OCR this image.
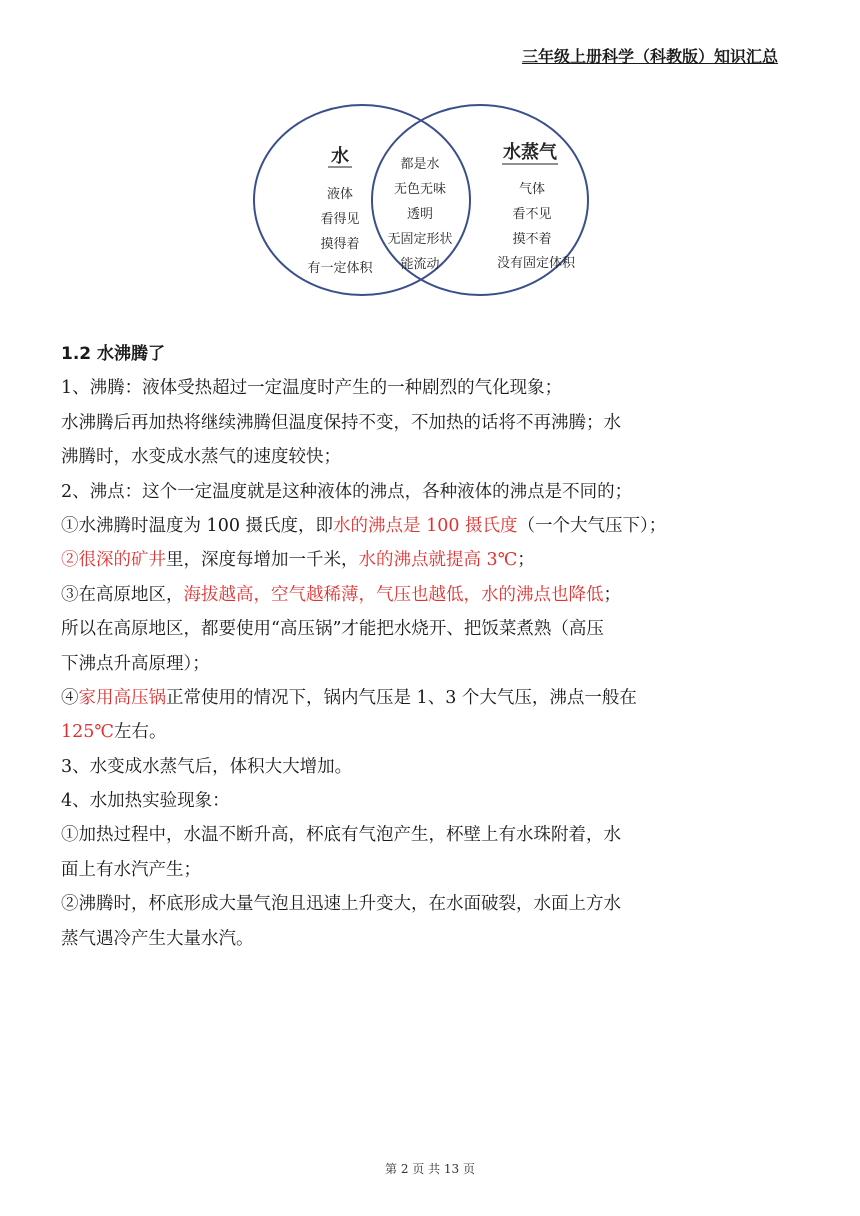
三年级上册科学（科教版）知识汇总
水
液体
看得见
摸得着
有一定体积
都是水
无色无味
透明
无固定形状
能流动
水蒸气
气体
看不见
摸不着
没有固定体积
1.2 水沸腾了
1、沸腾：液体受热超过一定温度时产生的一种剧烈的气化现象；
水沸腾后再加热将继续沸腾但温度保持不变，不加热的话将不再沸腾；水
沸腾时，水变成水蒸气的速度较快；
2、沸点：这个一定温度就是这种液体的沸点，各种液体的沸点是不同的；
①水沸腾时温度为 100 摄氏度，即水的沸点是 100 摄氏度（一个大气压下）；
②很深的矿井里，深度每增加一千米，水的沸点就提高 3℃；
③在高原地区，海拔越高，空气越稀薄，气压也越低，水的沸点也降低；
所以在高原地区，都要使用“高压锅”才能把水烧开、把饭菜煮熟（高压
下沸点升高原理）；
④家用高压锅正常使用的情况下，锅内气压是 1、3 个大气压，沸点一般在
125℃左右。
3、水变成水蒸气后，体积大大增加。
4、水加热实验现象：
①加热过程中，水温不断升高，杯底有气泡产生，杯壁上有水珠附着，水
面上有水汽产生；
②沸腾时，杯底形成大量气泡且迅速上升变大，在水面破裂，水面上方水
蒸气遇冷产生大量水汽。
第 2 页 共 13 页
